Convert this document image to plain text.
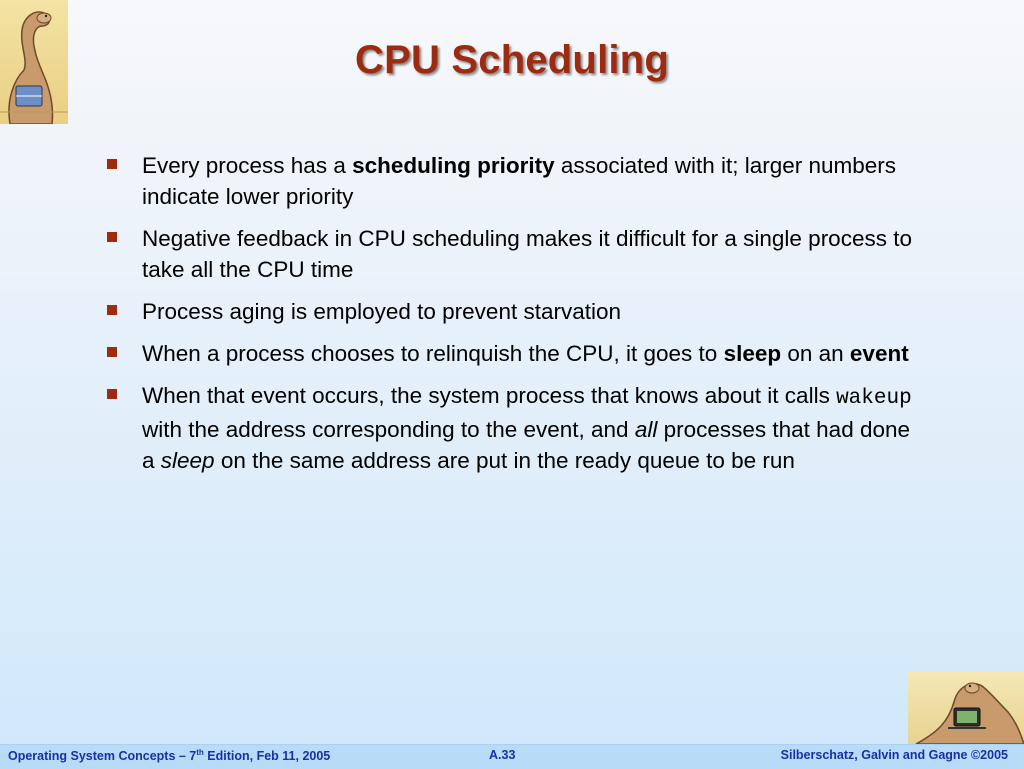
CPU Scheduling
Every process has a scheduling priority associated with it; larger numbers indicate lower priority
Negative feedback in CPU scheduling makes it difficult for a single process to take all the CPU time
Process aging is employed to prevent starvation
When a process chooses to relinquish the CPU, it goes to sleep on an event
When that event occurs, the system process that knows about it calls wakeup with the address corresponding to the event, and all processes that had done a sleep on the same address are put in the ready queue to be run
Operating System Concepts – 7th Edition, Feb 11, 2005	A.33	Silberschatz, Galvin and Gagne ©2005
